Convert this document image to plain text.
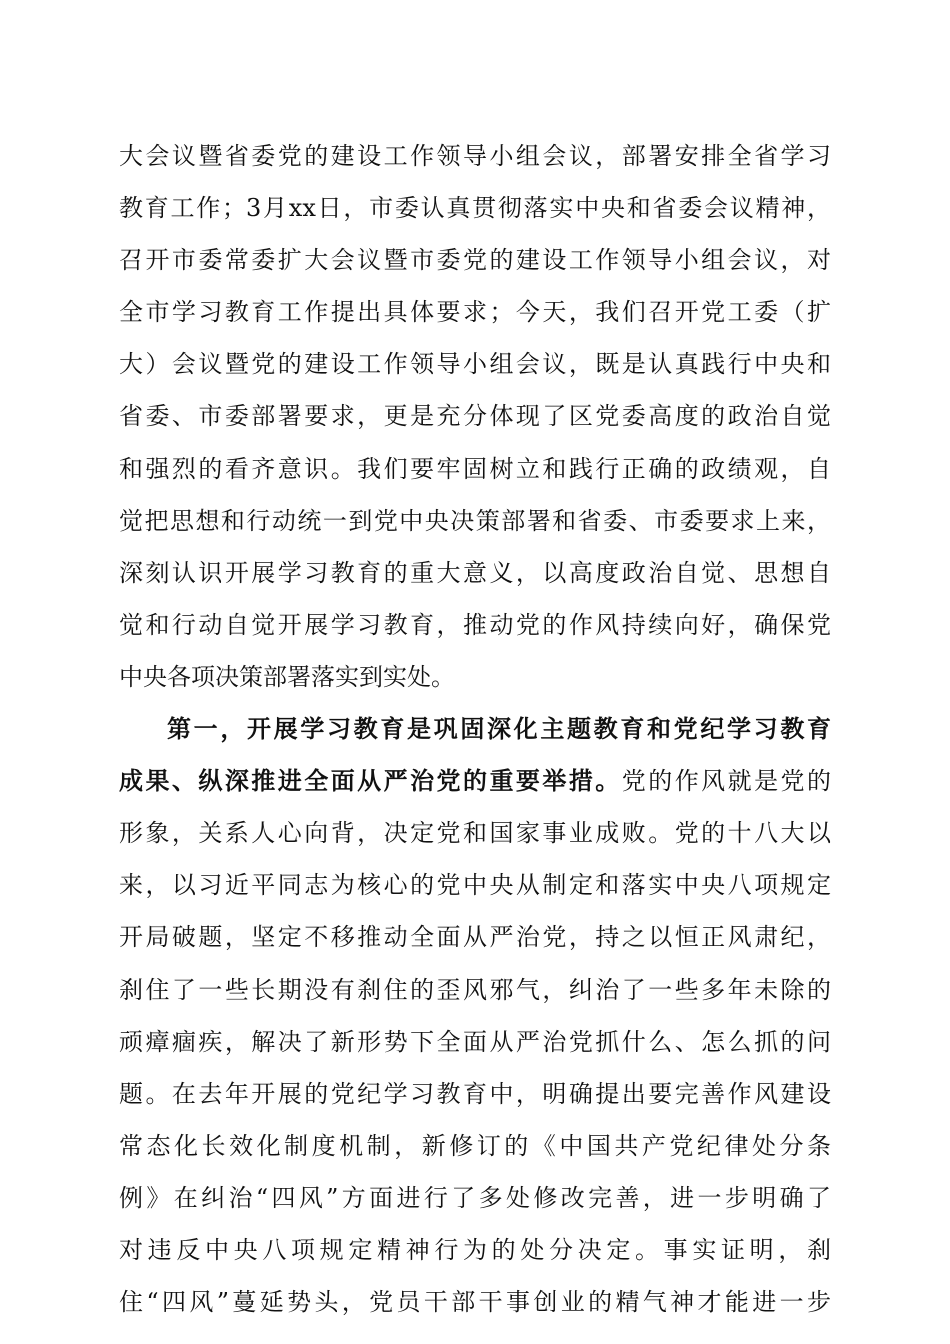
大会议暨省委党的建设工作领导小组会议，部署安排全省学习
教育工作；3月xx日，市委认真贯彻落实中央和省委会议精神，
召开市委常委扩大会议暨市委党的建设工作领导小组会议，对
全市学习教育工作提出具体要求；今天，我们召开党工委（扩
大）会议暨党的建设工作领导小组会议，既是认真践行中央和
省委、市委部署要求，更是充分体现了区党委高度的政治自觉
和强烈的看齐意识。我们要牢固树立和践行正确的政绩观，自
觉把思想和行动统一到党中央决策部署和省委、市委要求上来，
深刻认识开展学习教育的重大意义，以高度政治自觉、思想自
觉和行动自觉开展学习教育，推动党的作风持续向好，确保党
中央各项决策部署落实到实处。
第一，开展学习教育是巩固深化主题教育和党纪学习教育
成果、纵深推进全面从严治党的重要举措。党的作风就是党的
形象，关系人心向背，决定党和国家事业成败。党的十八大以
来，以习近平同志为核心的党中央从制定和落实中央八项规定
开局破题，坚定不移推动全面从严治党，持之以恒正风肃纪，
刹住了一些长期没有刹住的歪风邪气，纠治了一些多年未除的
顽瘴痼疾，解决了新形势下全面从严治党抓什么、怎么抓的问
题。在去年开展的党纪学习教育中，明确提出要完善作风建设
常态化长效化制度机制，新修订的《中国共产党纪律处分条
例》在纠治“四风”方面进行了多处修改完善，进一步明确了
对违反中央八项规定精神行为的处分决定。事实证明，刹
住“四风”蔓延势头，党员干部干事创业的精气神才能进一步
